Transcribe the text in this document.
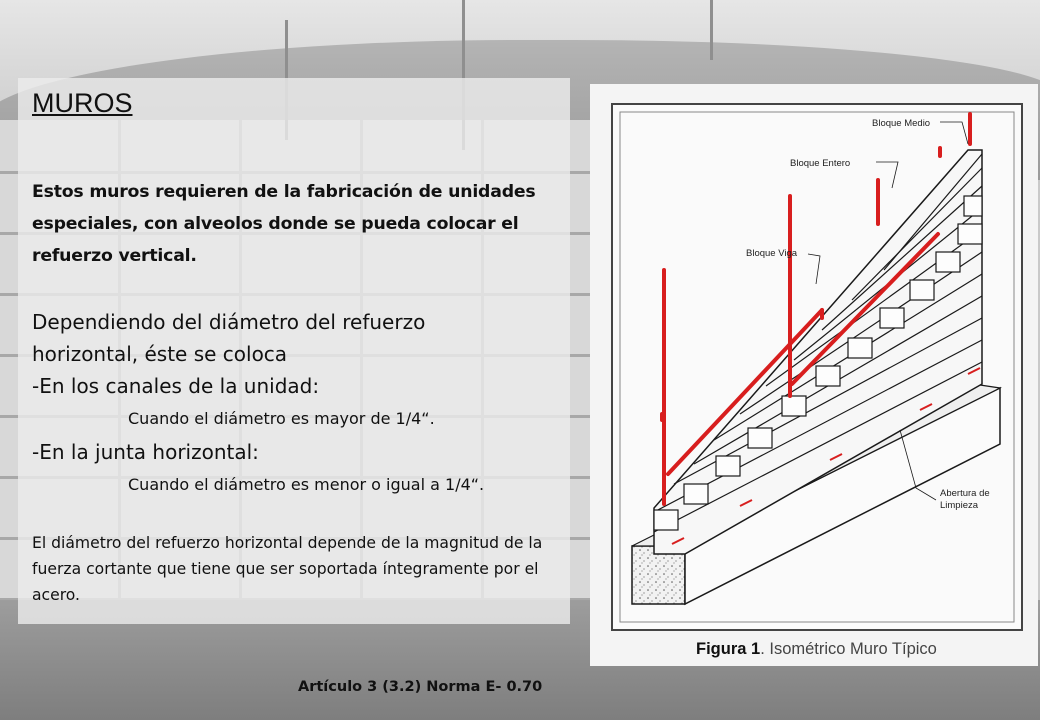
MUROS
Estos muros requieren de la fabricación de unidades especiales, con alveolos donde se pueda colocar el refuerzo vertical.
Dependiendo del diámetro del refuerzo
horizontal, éste se coloca
-En los canales de la unidad:
Cuando el diámetro es mayor de 1/4“.
-En la junta horizontal:
Cuando el diámetro es menor o igual a 1/4“.
El diámetro del refuerzo horizontal depende de la magnitud de la fuerza cortante que tiene que ser soportada íntegramente por el acero.
Artículo 3 (3.2) Norma E- 0.70
Bloque Medio
Bloque Entero
Bloque Viga
Abertura de
Limpieza
Figura 1. Isométrico Muro Típico
